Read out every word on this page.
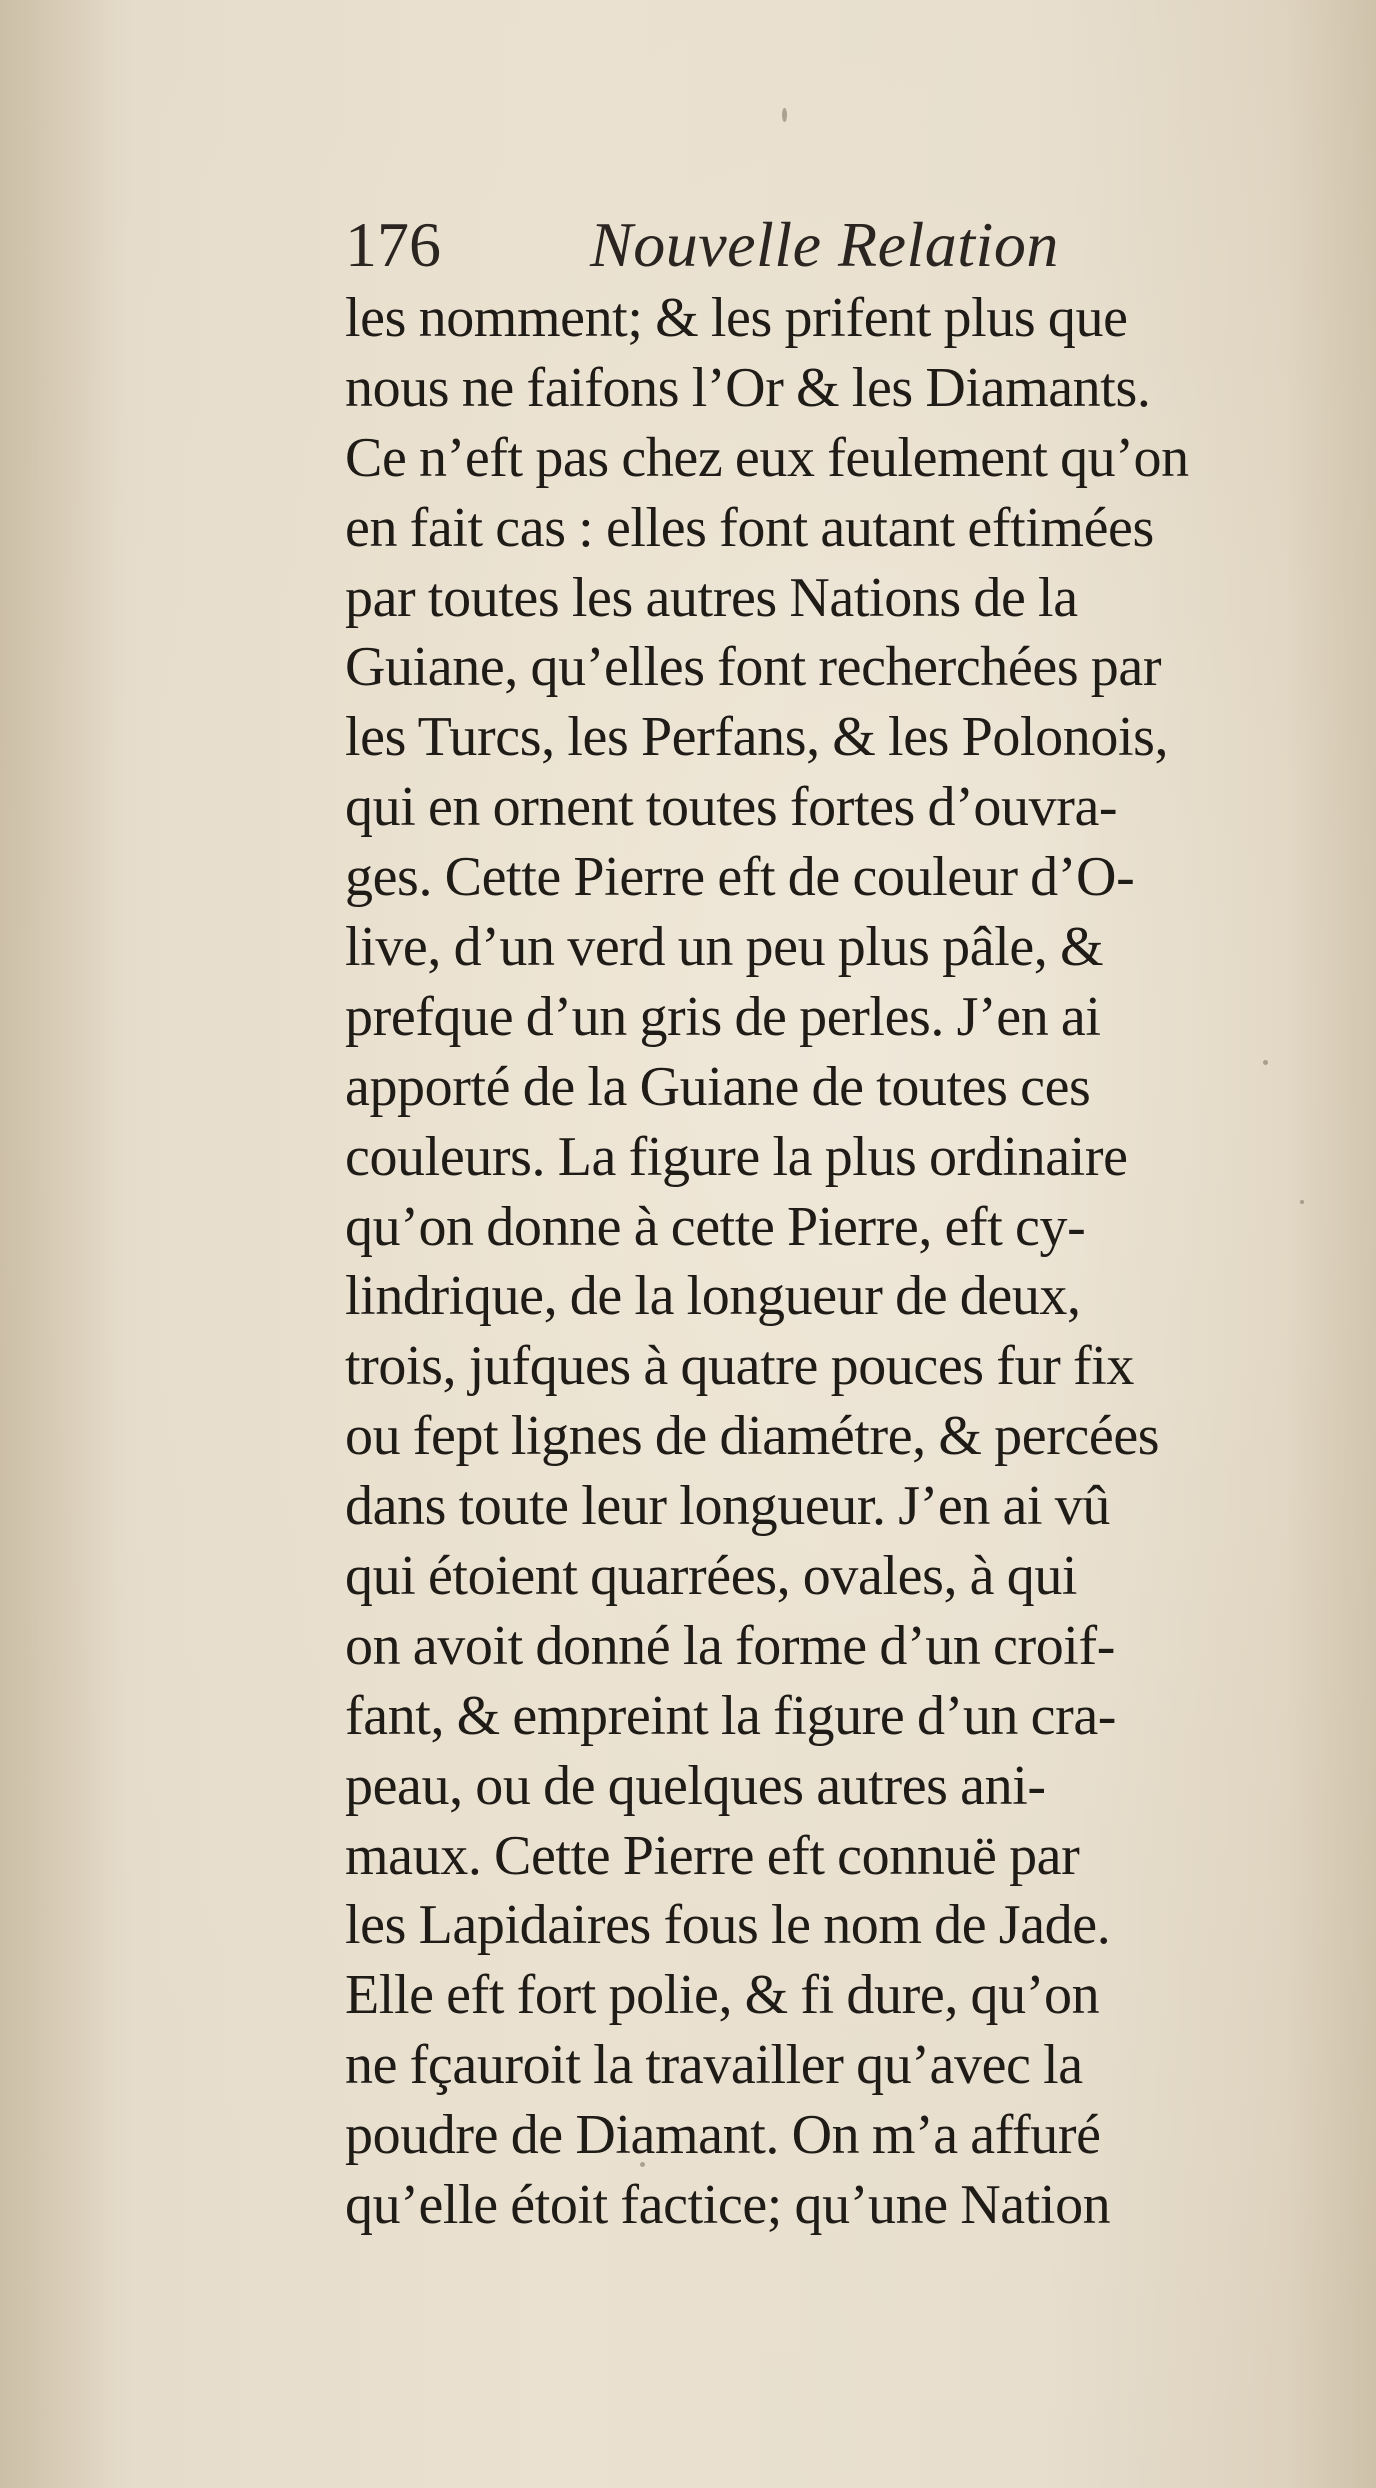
176 Nouvelle Relation
les nomment; & les prifent plus que
nous ne faifons l’Or & les Diamants.
Ce n’eft pas chez eux feulement qu’on
en fait cas : elles font autant eftimées
par toutes les autres Nations de la
Guiane, qu’elles font recherchées par
les Turcs, les Perfans, & les Polonois,
qui en ornent toutes fortes d’ouvra-
ges. Cette Pierre eft de couleur d’O-
live, d’un verd un peu plus pâle, &
prefque d’un gris de perles. J’en ai
apporté de la Guiane de toutes ces
couleurs. La figure la plus ordinaire
qu’on donne à cette Pierre, eft cy-
lindrique, de la longueur de deux,
trois, jufques à quatre pouces fur fix
ou fept lignes de diamétre, & percées
dans toute leur longueur. J’en ai vû
qui étoient quarrées, ovales, à qui
on avoit donné la forme d’un croif-
fant, & empreint la figure d’un cra-
peau, ou de quelques autres ani-
maux. Cette Pierre eft connuë par
les Lapidaires fous le nom de Jade.
Elle eft fort polie, & fi dure, qu’on
ne fçauroit la travailler qu’avec la
poudre de Diamant. On m’a affuré
qu’elle étoit factice; qu’une Nation
